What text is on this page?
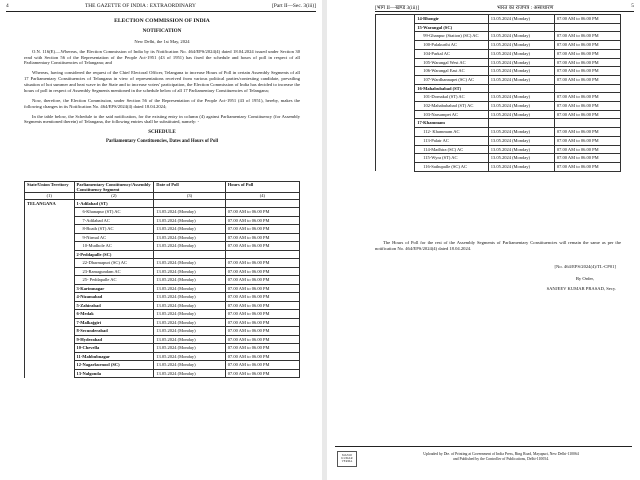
4	THE GAZETTE OF INDIA : EXTRAORDINARY	[Part II—Sec. 3(iii)]
ELECTION COMMISSION OF INDIA
NOTIFICATION
New Delhi, the 1st May, 2024

O.N. 116(E).—Whereas, the Election Commission of India by its Notification No. 464/EPS/2024(4) dated 18.04.2024 issued under Section 30 read with Section 56 of the Representation of the People Act-1951 (43 of 1951) has fixed the schedule and hours of poll in respect of all Parliamentary Constituencies of Telangana; and

Whereas, having considered the request of the Chief Electoral Officer, Telangana to increase Hours of Poll in certain Assembly Segments of all 17 Parliamentary Constituencies of Telangana in view of representations received from various political parties/contesting candidate, prevailing situation of hot summer and heat wave in the State and to increase voters' participation, the Election Commission of India has decided to increase the hours of poll in respect of Assembly Segments mentioned in the schedule below of all 17 Parliamentary Constituencies of Telangana;

Now, therefore, the Election Commission, under Section 56 of the Representation of the People Act-1951 (43 of 1951), hereby, makes the following changes in its Notification No. 464/EPS/2024(4) dated 18.04.2024;

In the table below, the Schedule to the said notification, for the existing entry in column (4) against Parliamentary Constituency (for Assembly Segments mentioned therein) of Telangana, the following entries shall be substituted, namely: -

SCHEDULE
Parliamentary Constituencies, Dates and Hours of Poll
State/Union Territory	Parliamentary Constituency/Assembly Constituency Segment	Date of Poll	Hours of Poll
(1)	(2)	(3)	(4)
TELANGANA	1-Adilabad (ST)		
	6-Khanapur (ST) AC	13.05.2024 (Monday)	07.00 AM to 06.00 PM
	7-Adilabad AC	13.05.2024 (Monday)	07.00 AM to 06.00 PM
	8-Boath (ST) AC	13.05.2024 (Monday)	07.00 AM to 06.00 PM
	9-Nirmal AC	13.05.2024 (Monday)	07.00 AM to 06.00 PM
	10-Mudhole AC	13.05.2024 (Monday)	07.00 AM to 06.00 PM
	2-Peddapalle (SC)		
	22-Dharmapuri (SC) AC	13.05.2024 (Monday)	07.00 AM to 06.00 PM
	23-Ramagundam AC	13.05.2024 (Monday)	07.00 AM to 06.00 PM
	25- Peddapalle AC	13.05.2024 (Monday)	07.00 AM to 06.00 PM
	3-Karimnagar	13.05.2024 (Monday)	07.00 AM to 06.00 PM
	4-Nizamabad	13.05.2024 (Monday)	07.00 AM to 06.00 PM
	5-Zahirabad	13.05.2024 (Monday)	07.00 AM to 06.00 PM
	6-Medak	13.05.2024 (Monday)	07.00 AM to 06.00 PM
	7-Malkajgiri	13.05.2024 (Monday)	07.00 AM to 06.00 PM
	8-Secunderabad	13.05.2024 (Monday)	07.00 AM to 06.00 PM
	9-Hyderabad	13.05.2024 (Monday)	07.00 AM to 06.00 PM
	10-Chevella	13.05.2024 (Monday)	07.00 AM to 06.00 PM
	11-Mahbubnagar	13.05.2024 (Monday)	07.00 AM to 06.00 PM
	12-Nagarkurnool (SC)	13.05.2024 (Monday)	07.00 AM to 06.00 PM
	13-Nalgonda	13.05.2024 (Monday)	07.00 AM to 06.00 PM
[भाग II—खण्ड 3(iii)]	भारत का राजपत्र : असाधारण	5
	14-Bhongir	13.05.2024 (Monday)	07.00 AM to 06.00 PM
	15-Warangal (SC)		
	99-Ghanpur (Station) (SC) AC	13.05.2024 (Monday)	07.00 AM to 06.00 PM
	100-Palakurthi AC	13.05.2024 (Monday)	07.00 AM to 06.00 PM
	104-Parkal AC	13.05.2024 (Monday)	07.00 AM to 06.00 PM
	105-Warangal West AC	13.05.2024 (Monday)	07.00 AM to 06.00 PM
	106-Warangal East AC	13.05.2024 (Monday)	07.00 AM to 06.00 PM
	107-Wardhannapet (SC) AC	13.05.2024 (Monday)	07.00 AM to 06.00 PM
	16-Mahabubabad (ST)		
	101-Dornakal (ST) AC	13.05.2024 (Monday)	07.00 AM to 06.00 PM
	102-Mahabubabad (ST) AC	13.05.2024 (Monday)	07.00 AM to 06.00 PM
	103-Narsampet AC	13.05.2024 (Monday)	07.00 AM to 06.00 PM
	17-Khammam		
	112- Khammam AC	13.05.2024 (Monday)	07.00 AM to 06.00 PM
	113-Palair AC	13.05.2024 (Monday)	07.00 AM to 06.00 PM
	114-Madhira (SC) AC	13.05.2024 (Monday)	07.00 AM to 06.00 PM
	115-Wyra (ST) AC	13.05.2024 (Monday)	07.00 AM to 06.00 PM
	116-Sathupalle (SC) AC	13.05.2024 (Monday)	07.00 AM to 06.00 PM

The Hours of Poll for the rest of the Assembly Segments of Parliamentary Constituencies will remain the same as per the notification No. 464/EPS/2024(4) dated 18.04.2024.

[No. 464/EPS/2024(4)/TL-CP01]
By Order,
SANJEEV KUMAR PRASAD, Secy.
MANOJ KUMAR VERMA
Uploaded by Dte. of Printing at Government of India Press, Ring Road, Mayapuri, New Delhi-110064
and Published by the Controller of Publications, Delhi-110054.
